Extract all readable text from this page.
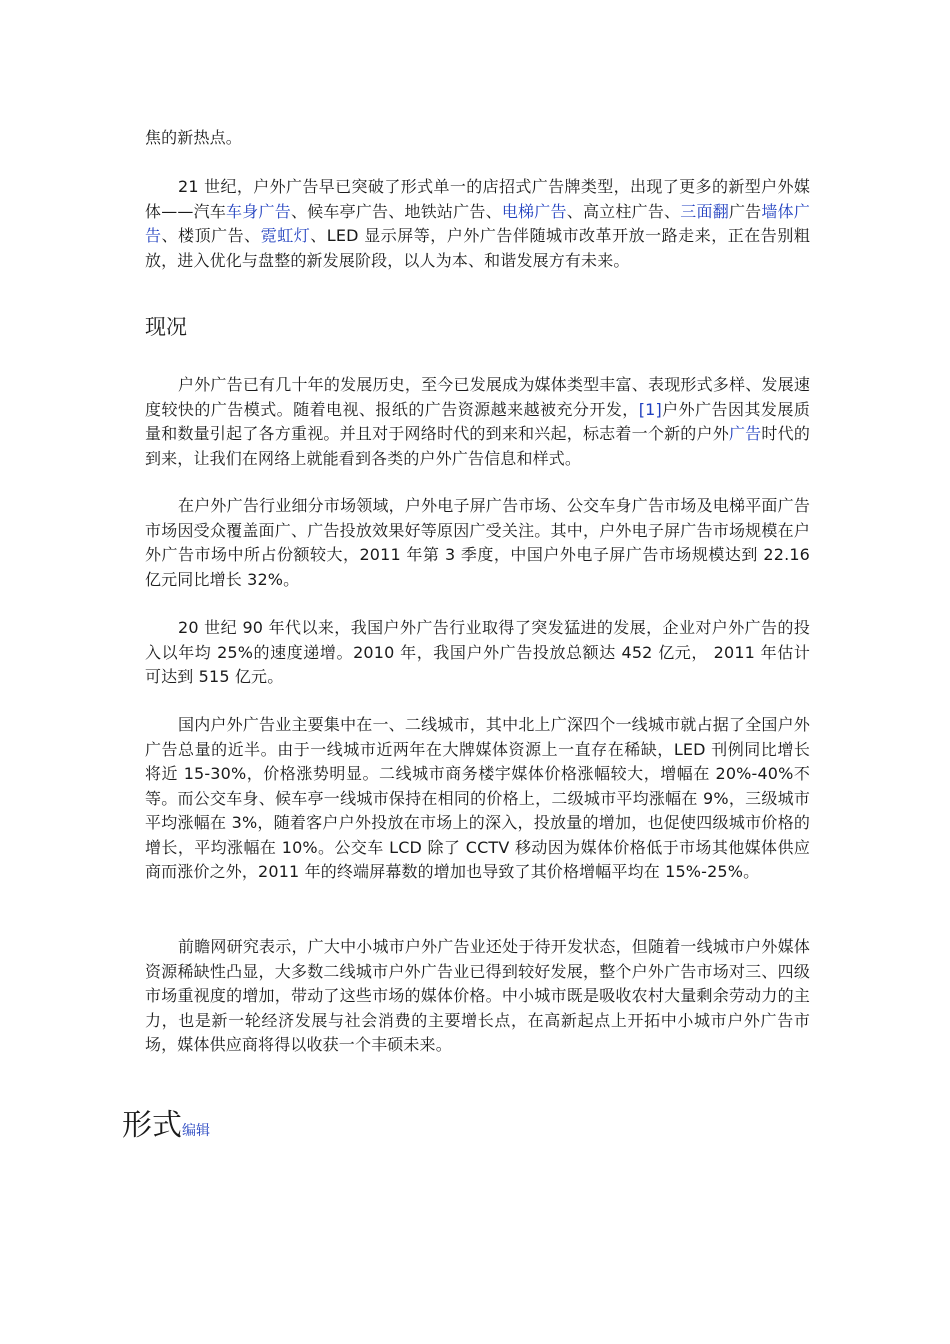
焦的新热点。

21 世纪，户外广告早已突破了形式单一的店招式广告牌类型，出现了更多的新型户外媒体——汽车车身广告、候车亭广告、地铁站广告、电梯广告、高立柱广告、三面翻广告墙体广告、楼顶广告、霓虹灯、LED 显示屏等，户外广告伴随城市改革开放一路走来，正在告别粗放，进入优化与盘整的新发展阶段，以人为本、和谐发展方有未来。

现况

户外广告已有几十年的发展历史，至今已发展成为媒体类型丰富、表现形式多样、发展速度较快的广告模式。随着电视、报纸的广告资源越来越被充分开发，[1]户外广告因其发展质量和数量引起了各方重视。并且对于网络时代的到来和兴起，标志着一个新的户外广告时代的到来，让我们在网络上就能看到各类的户外广告信息和样式。

在户外广告行业细分市场领域，户外电子屏广告市场、公交车身广告市场及电梯平面广告市场因受众覆盖面广、广告投放效果好等原因广受关注。其中，户外电子屏广告市场规模在户外广告市场中所占份额较大，2011 年第 3 季度，中国户外电子屏广告市场规模达到 22.16 亿元同比增长 32%。

20 世纪 90 年代以来，我国户外广告行业取得了突发猛进的发展，企业对户外广告的投入以年均 25%的速度递增。2010 年，我国户外广告投放总额达 452 亿元， 2011 年估计可达到 515 亿元。

国内户外广告业主要集中在一、二线城市，其中北上广深四个一线城市就占据了全国户外广告总量的近半。由于一线城市近两年在大牌媒体资源上一直存在稀缺，LED 刊例同比增长将近 15-30%，价格涨势明显。二线城市商务楼宇媒体价格涨幅较大，增幅在 20%-40%不等。而公交车身、候车亭一线城市保持在相同的价格上，二级城市平均涨幅在 9%，三级城市平均涨幅在 3%，随着客户户外投放在市场上的深入，投放量的增加，也促使四级城市价格的增长，平均涨幅在 10%。公交车 LCD 除了 CCTV 移动因为媒体价格低于市场其他媒体供应商而涨价之外，2011 年的终端屏幕数的增加也导致了其价格增幅平均在 15%-25%。

前瞻网研究表示，广大中小城市户外广告业还处于待开发状态，但随着一线城市户外媒体资源稀缺性凸显，大多数二线城市户外广告业已得到较好发展，整个户外广告市场对三、四级市场重视度的增加，带动了这些市场的媒体价格。中小城市既是吸收农村大量剩余劳动力的主力，也是新一轮经济发展与社会消费的主要增长点，在高新起点上开拓中小城市户外广告市场，媒体供应商将得以收获一个丰硕未来。

形式编辑
